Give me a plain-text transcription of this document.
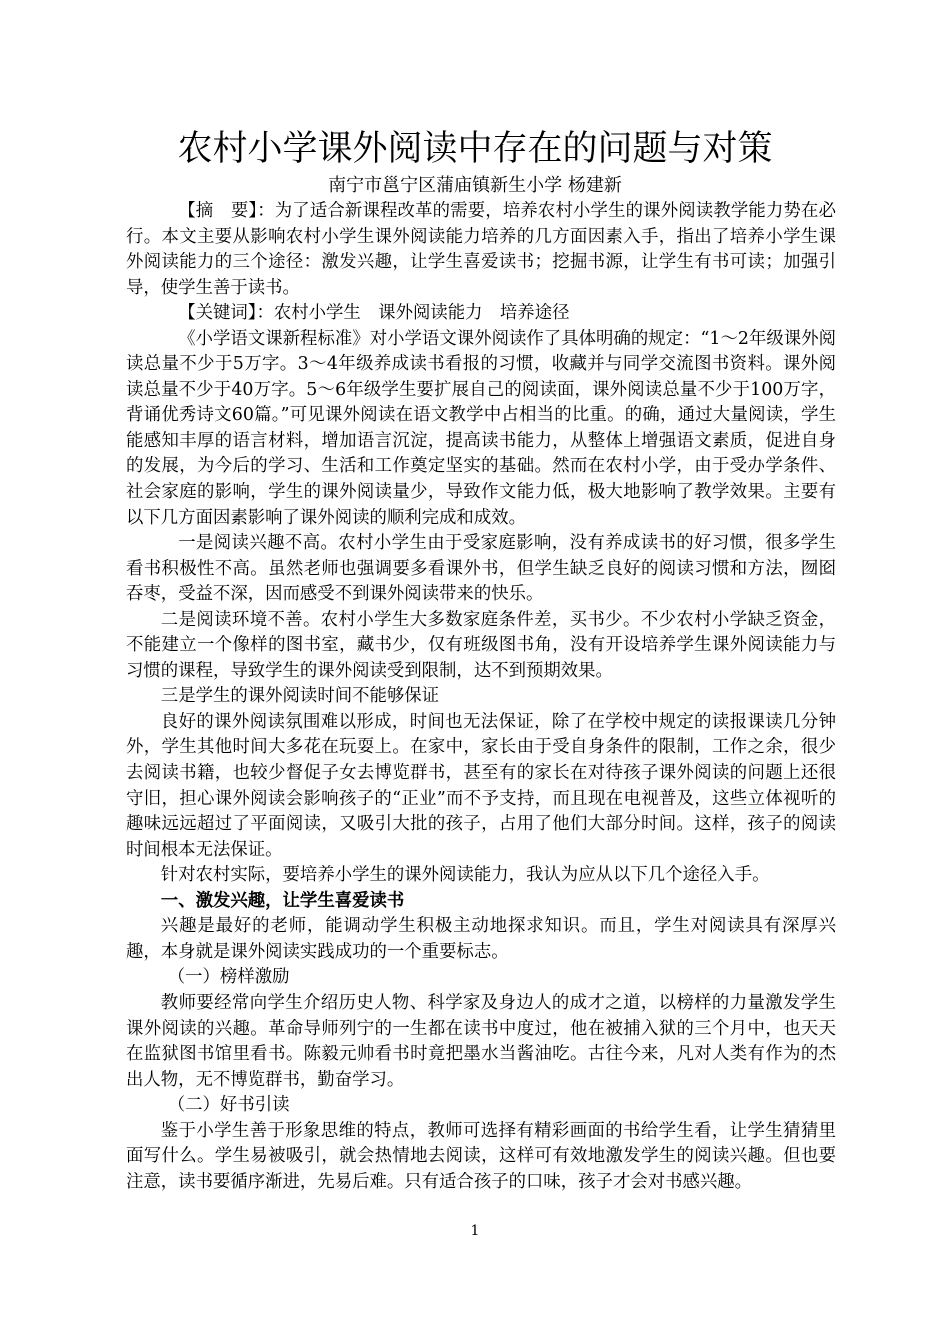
农村小学课外阅读中存在的问题与对策
南宁市邕宁区蒲庙镇新生小学 杨建新

【摘　要】：为了适合新课程改革的需要，培养农村小学生的课外阅读教学能力势在必行。本文主要从影响农村小学生课外阅读能力培养的几方面因素入手，指出了培养小学生课外阅读能力的三个途径：激发兴趣，让学生喜爱读书；挖掘书源，让学生有书可读；加强引导，使学生善于读书。

【关键词】：农村小学生　课外阅读能力　培养途径

《小学语文课新程标准》对小学语文课外阅读作了具体明确的规定：“1～2年级课外阅读总量不少于5万字。3～4年级养成读书看报的习惯，收藏并与同学交流图书资料。课外阅读总量不少于40万字。5～6年级学生要扩展自己的阅读面，课外阅读总量不少于100万字，背诵优秀诗文60篇。”可见课外阅读在语文教学中占相当的比重。的确，通过大量阅读，学生能感知丰厚的语言材料，增加语言沉淀，提高读书能力，从整体上增强语文素质，促进自身的发展，为今后的学习、生活和工作奠定坚实的基础。然而在农村小学，由于受办学条件、社会家庭的影响，学生的课外阅读量少，导致作文能力低，极大地影响了教学效果。主要有以下几方面因素影响了课外阅读的顺利完成和成效。

一是阅读兴趣不高。农村小学生由于受家庭影响，没有养成读书的好习惯，很多学生看书积极性不高。虽然老师也强调要多看课外书，但学生缺乏良好的阅读习惯和方法，囫囵吞枣，受益不深，因而感受不到课外阅读带来的快乐。

二是阅读环境不善。农村小学生大多数家庭条件差，买书少。不少农村小学缺乏资金，不能建立一个像样的图书室，藏书少，仅有班级图书角，没有开设培养学生课外阅读能力与习惯的课程，导致学生的课外阅读受到限制，达不到预期效果。

三是学生的课外阅读时间不能够保证

良好的课外阅读氛围难以形成，时间也无法保证，除了在学校中规定的读报课读几分钟外，学生其他时间大多花在玩耍上。在家中，家长由于受自身条件的限制，工作之余，很少去阅读书籍，也较少督促子女去博览群书，甚至有的家长在对待孩子课外阅读的问题上还很守旧，担心课外阅读会影响孩子的“正业”而不予支持，而且现在电视普及，这些立体视听的趣味远远超过了平面阅读，又吸引大批的孩子，占用了他们大部分时间。这样，孩子的阅读时间根本无法保证。

针对农村实际，要培养小学生的课外阅读能力，我认为应从以下几个途径入手。

一、激发兴趣，让学生喜爱读书

兴趣是最好的老师，能调动学生积极主动地探求知识。而且，学生对阅读具有深厚兴趣，本身就是课外阅读实践成功的一个重要标志。

（一）榜样激励

教师要经常向学生介绍历史人物、科学家及身边人的成才之道，以榜样的力量激发学生课外阅读的兴趣。革命导师列宁的一生都在读书中度过，他在被捕入狱的三个月中，也天天在监狱图书馆里看书。陈毅元帅看书时竟把墨水当酱油吃。古往今来，凡对人类有作为的杰出人物，无不博览群书，勤奋学习。

（二）好书引读

鉴于小学生善于形象思维的特点，教师可选择有精彩画面的书给学生看，让学生猜猜里面写什么。学生易被吸引，就会热情地去阅读，这样可有效地激发学生的阅读兴趣。但也要注意，读书要循序渐进，先易后难。只有适合孩子的口味，孩子才会对书感兴趣。

1
